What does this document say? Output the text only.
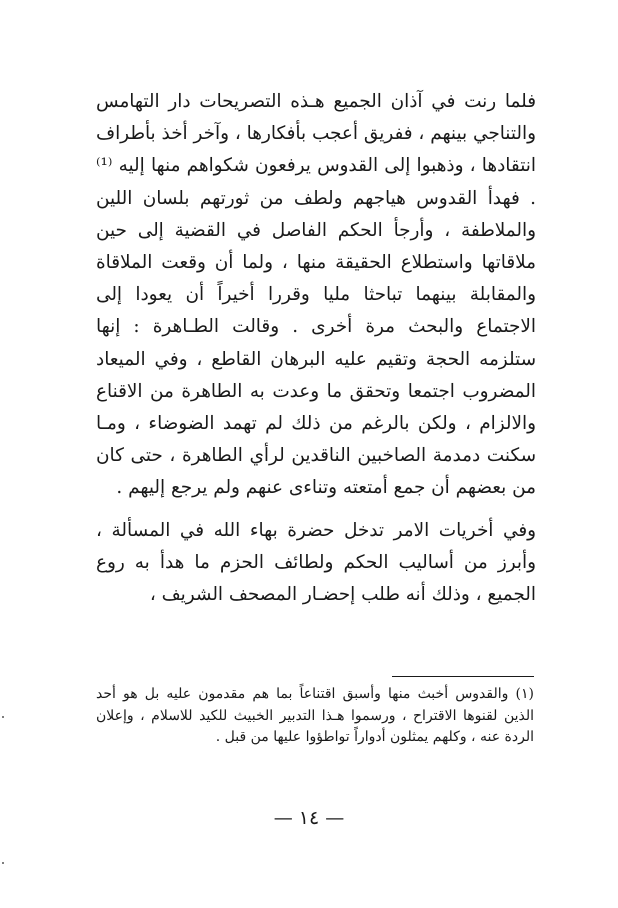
فلما رنت في آذان الجميع هـذه التصريحات دار التهامس والتناجي بينهم ، ففريق أعجب بأفكارها ، وآخر أخذ بأطراف انتقادها ، وذهبوا إلى القدوس يرفعون شكواهم منها إليه ⁽¹⁾ . فهدأ القدوس هياجهم ولطف من ثورتهم بلسان اللين والملاطفة ، وأرجأ الحكم الفاصل في القضية إلى حين ملاقاتها واستطلاع الحقيقة منها ، ولما أن وقعت الملاقاة والمقابلة بينهما تباحثا مليا وقررا أخيراً أن يعودا إلى الاجتماع والبحث مرة أخرى . وقالت الطـاهرة : إنها ستلزمه الحجة وتقيم عليه البرهان القاطع ، وفي الميعاد المضروب اجتمعا وتحقق ما وعدت به الطاهرة من الاقناع والالزام ، ولكن بالرغم من ذلك لم تهمد الضوضاء ، ومـا سكنت دمدمة الصاخبين الناقدين لرأي الطاهرة ، حتى كان من بعضهم أن جمع أمتعته وتناءى عنهم ولم يرجع إليهم .

وفي أخريات الامر تدخل حضرة بهاء الله في المسألة ، وأبرز من أساليب الحكم ولطائف الحزم ما هدأ به روع الجميع ، وذلك أنه طلب إحضـار المصحف الشريف ،

(١) والقدوس أخبث منها وأسبق اقتناعاً بما هم مقدمون عليه بل هو أحد الذين لقنوها الاقتراح ، ورسموا هـذا التدبير الخبيث للكيد للاسلام ، وإعلان الردة عنه ، وكلهم يمثلون أدواراً تواطؤوا عليها من قبل .

— ١٤ —
